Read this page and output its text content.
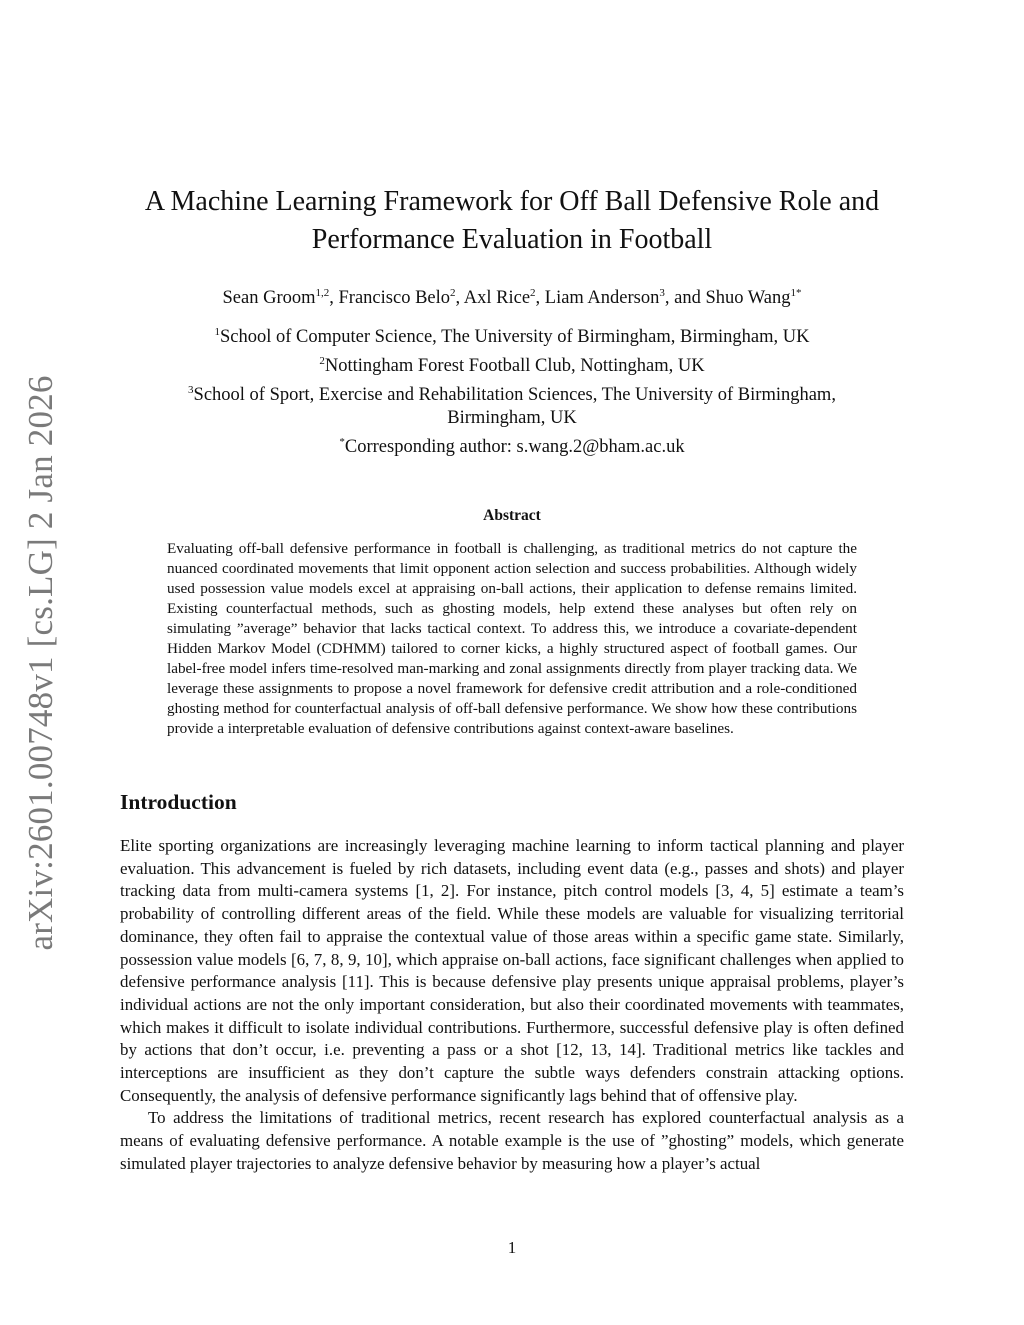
arXiv:2601.00748v1 [cs.LG] 2 Jan 2026
A Machine Learning Framework for Off Ball Defensive Role and
Performance Evaluation in Football
Sean Groom$^{1,2}$, Francisco Belo$^2$, Axl Rice$^2$, Liam Anderson$^3$, and Shuo Wang$^{1*}$
$^1$School of Computer Science, The University of Birmingham, Birmingham, UK
$^2$Nottingham Forest Football Club, Nottingham, UK
$^3$School of Sport, Exercise and Rehabilitation Sciences, The University of Birmingham, Birmingham, UK
*Corresponding author: s.wang.2@bham.ac.uk
Abstract
Evaluating off-ball defensive performance in football is challenging, as traditional metrics do not capture the nuanced coordinated movements that limit opponent action selection and success probabilities. Although widely used possession value models excel at appraising on-ball actions, their application to defense remains limited. Existing counterfactual methods, such as ghosting models, help extend these analyses but often rely on simulating ”average” behavior that lacks tactical context. To address this, we introduce a covariate-dependent Hidden Markov Model (CDHMM) tailored to corner kicks, a highly structured aspect of football games. Our label-free model infers time-resolved man-marking and zonal assignments directly from player tracking data. We leverage these assignments to propose a novel framework for defensive credit attribution and a role-conditioned ghosting method for counterfactual analysis of off-ball defensive performance. We show how these contributions provide a interpretable evaluation of defensive contributions against context-aware baselines.
Introduction

Elite sporting organizations are increasingly leveraging machine learning to inform tactical planning and player evaluation. This advancement is fueled by rich datasets, including event data (e.g., passes and shots) and player tracking data from multi-camera systems [1, 2]. For instance, pitch control models [3, 4, 5] estimate a team’s probability of controlling different areas of the field. While these models are valuable for visualizing territorial dominance, they often fail to appraise the contextual value of those areas within a specific game state. Similarly, possession value models [6, 7, 8, 9, 10], which appraise on-ball actions, face significant challenges when applied to defensive performance analysis [11]. This is because defensive play presents unique appraisal problems, player’s individual actions are not the only important consideration, but also their coordinated movements with teammates, which makes it difficult to isolate individual contributions. Furthermore, successful defensive play is often defined by actions that don’t occur, i.e. preventing a pass or a shot [12, 13, 14]. Traditional metrics like tackles and interceptions are insufficient as they don’t capture the subtle ways defenders constrain attacking options. Consequently, the analysis of defensive performance significantly lags behind that of offensive play.

To address the limitations of traditional metrics, recent research has explored counterfactual analysis as a means of evaluating defensive performance. A notable example is the use of ”ghosting” models, which generate simulated player trajectories to analyze defensive behavior by measuring how a player’s actual

1
